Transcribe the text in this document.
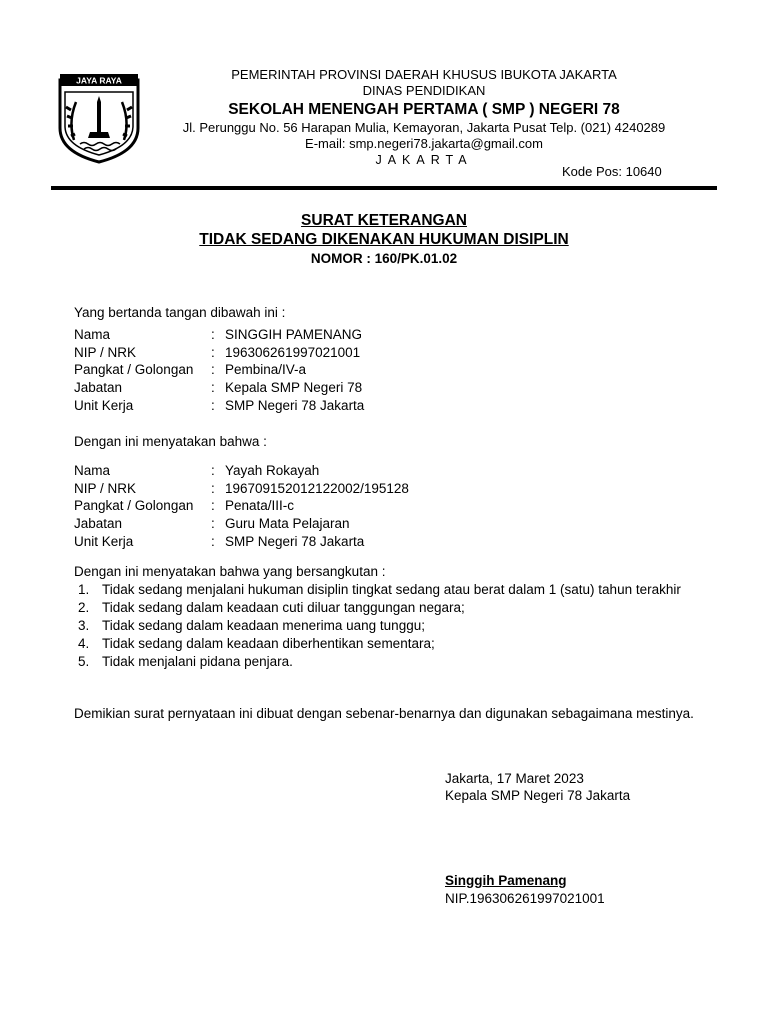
JAYA RAYA	PEMERINTAH PROVINSI DAERAH KHUSUS IBUKOTA JAKARTA
DINAS PENDIDIKAN
SEKOLAH MENENGAH PERTAMA ( SMP ) NEGERI 78
Jl. Perunggu No. 56 Harapan Mulia, Kemayoran, Jakarta Pusat Telp. (021) 4240289
E-mail: smp.negeri78.jakarta@gmail.com
JAKARTA
Kode Pos: 10640
SURAT KETERANGAN
TIDAK SEDANG DIKENAKAN HUKUMAN DISIPLIN
NOMOR : 160/PK.01.02
Yang bertanda tangan dibawah ini :
Nama	: SINGGIH PAMENANG
NIP / NRK	: 196306261997021001
Pangkat / Golongan : Pembina/IV-a
Jabatan	: Kepala SMP Negeri 78
Unit Kerja	: SMP Negeri 78 Jakarta
Dengan ini menyatakan bahwa :
Nama	: Yayah Rokayah
NIP / NRK	: 196709152012122002/195128
Pangkat / Golongan : Penata/III-c
Jabatan	: Guru Mata Pelajaran
Unit Kerja	: SMP Negeri 78 Jakarta
Dengan ini menyatakan bahwa yang bersangkutan :
1. Tidak sedang menjalani hukuman disiplin tingkat sedang atau berat dalam 1 (satu) tahun terakhir
2. Tidak sedang dalam keadaan cuti diluar tanggungan negara;
3. Tidak sedang dalam keadaan menerima uang tunggu;
4. Tidak sedang dalam keadaan diberhentikan sementara;
5. Tidak menjalani pidana penjara.
Demikian surat pernyataan ini dibuat dengan sebenar-benarnya dan digunakan sebagaimana mestinya.
Jakarta, 17 Maret 2023
Kepala SMP Negeri 78 Jakarta
Singgih Pamenang
NIP.196306261997021001
